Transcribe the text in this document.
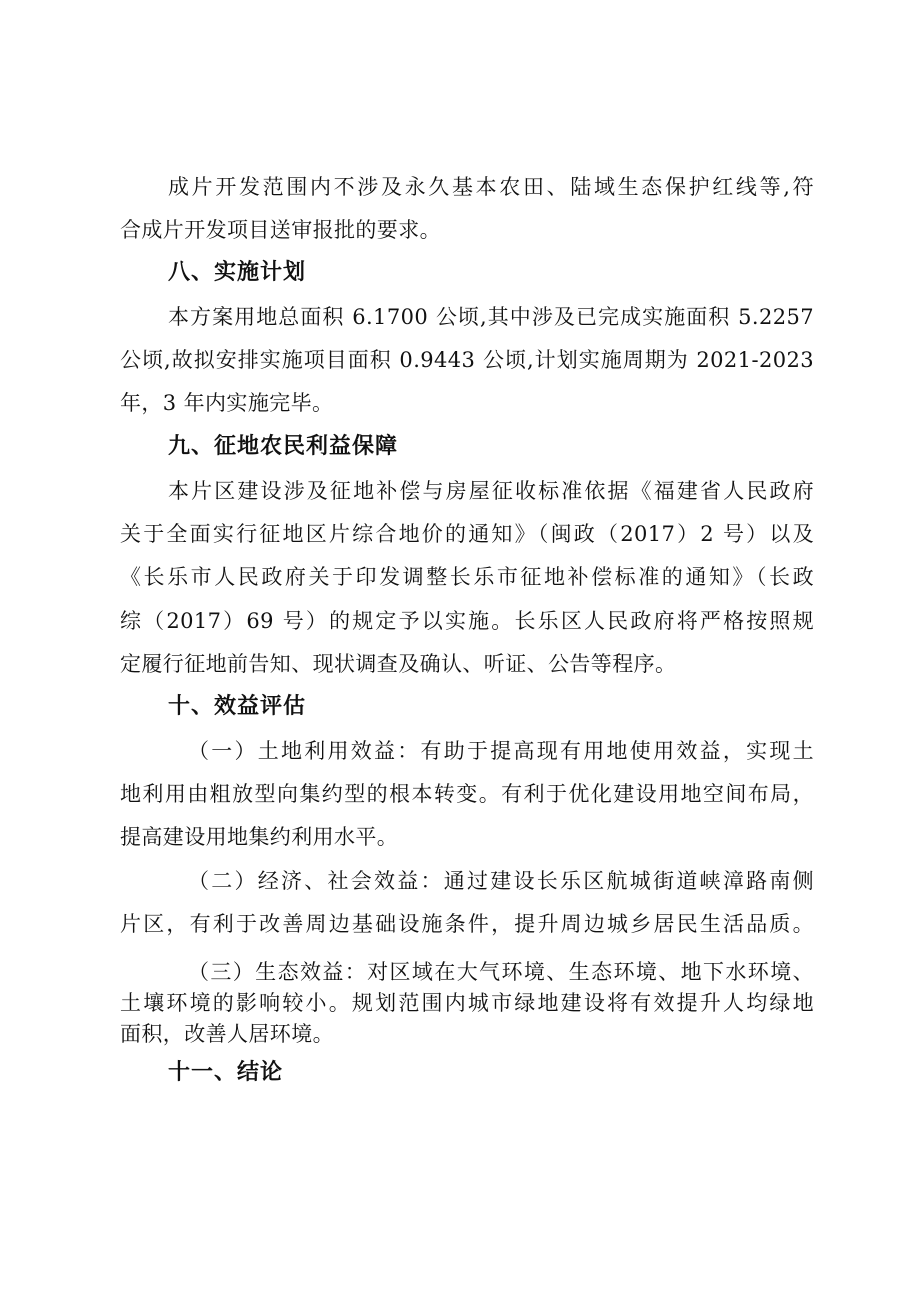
成片开发范围内不涉及永久基本农田、陆域生态保护红线等,符
合成片开发项目送审报批的要求。
八、实施计划
本方案用地总面积 6.1700 公顷,其中涉及已完成实施面积 5.2257
公顷,故拟安排实施项目面积 0.9443 公顷,计划实施周期为 2021-2023
年，3 年内实施完毕。
九、征地农民利益保障
本片区建设涉及征地补偿与房屋征收标准依据《福建省人民政府
关于全面实行征地区片综合地价的通知》（闽政（2017）2 号）以及
《长乐市人民政府关于印发调整长乐市征地补偿标准的通知》（长政
综（2017）69 号）的规定予以实施。长乐区人民政府将严格按照规
定履行征地前告知、现状调查及确认、听证、公告等程序。
十、效益评估
（一）土地利用效益：有助于提高现有用地使用效益，实现土
地利用由粗放型向集约型的根本转变。有利于优化建设用地空间布局，
提高建设用地集约利用水平。
（二）经济、社会效益：通过建设长乐区航城街道峡漳路南侧
片区，有利于改善周边基础设施条件，提升周边城乡居民生活品质。
（三）生态效益：对区域在大气环境、生态环境、地下水环境、
土壤环境的影响较小。规划范围内城市绿地建设将有效提升人均绿地
面积，改善人居环境。
十一、结论
